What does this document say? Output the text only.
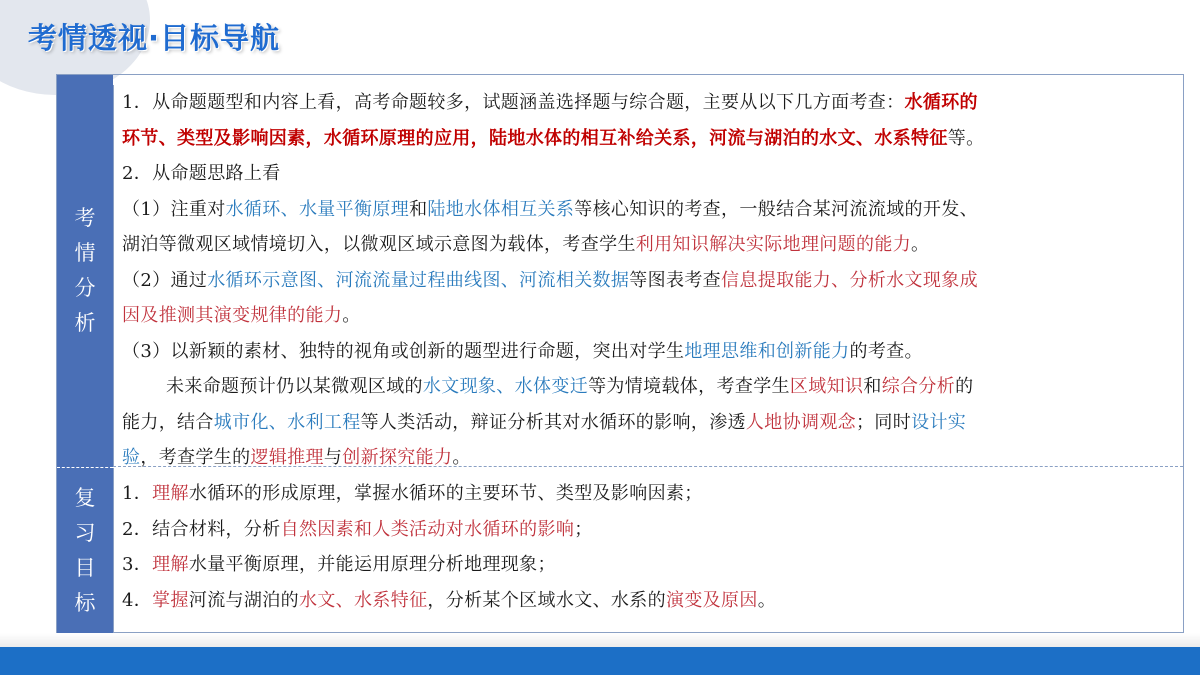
考情透视·目标导航
考
情
分
析

1．从命题题型和内容上看，高考命题较多，试题涵盖选择题与综合题，主要从以下几方面考查：水循环的

环节、类型及影响因素，水循环原理的应用，陆地水体的相互补给关系，河流与湖泊的水文、水系特征等。

2．从命题思路上看

（1）注重对水循环、水量平衡原理和陆地水体相互关系等核心知识的考查，一般结合某河流流域的开发、

湖泊等微观区域情境切入，以微观区域示意图为载体，考查学生利用知识解决实际地理问题的能力。

（2）通过水循环示意图、河流流量过程曲线图、河流相关数据等图表考查信息提取能力、分析水文现象成

因及推测其演变规律的能力。

（3）以新颖的素材、独特的视角或创新的题型进行命题，突出对学生地理思维和创新能力的考查。

未来命题预计仍以某微观区域的水文现象、水体变迁等为情境载体，考查学生区域知识和综合分析的

能力，结合城市化、水利工程等人类活动，辩证分析其对水循环的影响，渗透人地协调观念；同时设计实

验，考查学生的逻辑推理与创新探究能力。

复
习
目
标

1．理解水循环的形成原理，掌握水循环的主要环节、类型及影响因素；

2．结合材料，分析自然因素和人类活动对水循环的影响；

3．理解水量平衡原理，并能运用原理分析地理现象；

4．掌握河流与湖泊的水文、水系特征，分析某个区域水文、水系的演变及原因。
